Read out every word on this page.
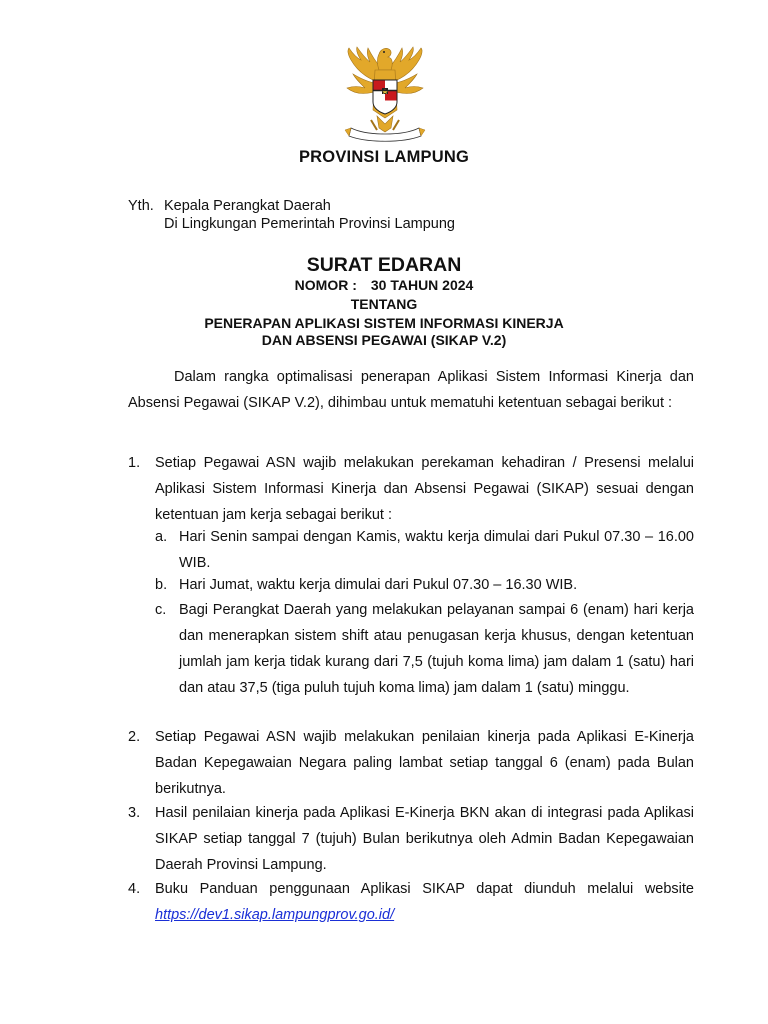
PROVINSI LAMPUNG
Yth. Kepala Perangkat Daerah
Di Lingkungan Pemerintah Provinsi Lampung
SURAT EDARAN
NOMOR : 30 TAHUN 2024
TENTANG
PENERAPAN APLIKASI SISTEM INFORMASI KINERJA
DAN ABSENSI PEGAWAI (SIKAP V.2)
Dalam rangka optimalisasi penerapan Aplikasi Sistem Informasi Kinerja dan Absensi Pegawai (SIKAP V.2), dihimbau untuk mematuhi ketentuan sebagai berikut :
1.	Setiap Pegawai ASN wajib melakukan perekaman kehadiran / Presensi melalui Aplikasi Sistem Informasi Kinerja dan Absensi Pegawai (SIKAP) sesuai dengan ketentuan jam kerja sebagai berikut :
a. Hari Senin sampai dengan Kamis, waktu kerja dimulai dari Pukul 07.30 – 16.00 WIB.
b. Hari Jumat, waktu kerja dimulai dari Pukul 07.30 – 16.30 WIB.
c. Bagi Perangkat Daerah yang melakukan pelayanan sampai 6 (enam) hari kerja dan menerapkan sistem shift atau penugasan kerja khusus, dengan ketentuan jumlah jam kerja tidak kurang dari 7,5 (tujuh koma lima) jam dalam 1 (satu) hari dan atau 37,5 (tiga puluh tujuh koma lima) jam dalam 1 (satu) minggu.
2.	Setiap Pegawai ASN wajib melakukan penilaian kinerja pada Aplikasi E-Kinerja Badan Kepegawaian Negara paling lambat setiap tanggal 6 (enam) pada Bulan berikutnya.
3.	Hasil penilaian kinerja pada Aplikasi E-Kinerja BKN akan di integrasi pada Aplikasi SIKAP setiap tanggal 7 (tujuh) Bulan berikutnya oleh Admin Badan Kepegawaian Daerah Provinsi Lampung.
4.	Buku Panduan penggunaan Aplikasi SIKAP dapat diunduh melalui website https://dev1.sikap.lampungprov.go.id/
